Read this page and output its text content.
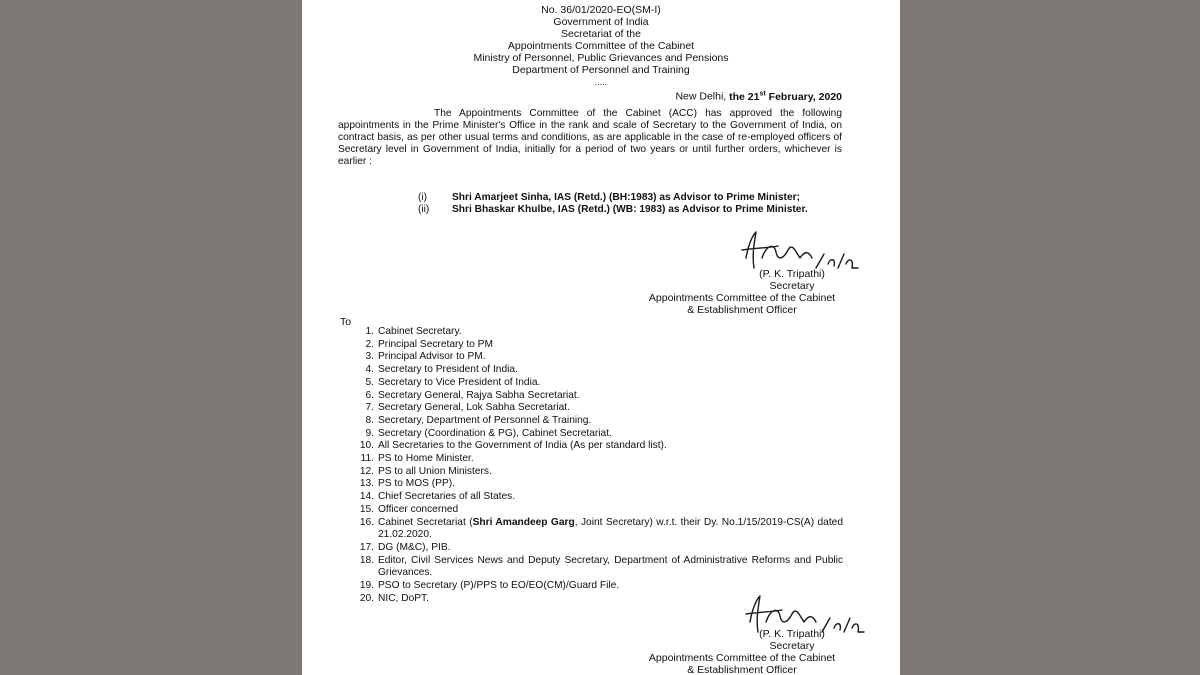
No. 36/01/2020-EO(SM-I)
Government of India
Secretariat of the
Appointments Committee of the Cabinet
Ministry of Personnel, Public Grievances and Pensions
Department of Personnel and Training
.....
New Delhi, the 21st February, 2020
The Appointments Committee of the Cabinet (ACC) has approved the following appointments in the Prime Minister's Office in the rank and scale of Secretary to the Government of India, on contract basis, as per other usual terms and conditions, as are applicable in the case of re-employed officers of Secretary level in Government of India, initially for a period of two years or until further orders, whichever is earlier :
(i) Shri Amarjeet Sinha, IAS (Retd.) (BH:1983) as Advisor to Prime Minister;
(ii) Shri Bhaskar Khulbe, IAS (Retd.) (WB: 1983) as Advisor to Prime Minister.
(P. K. Tripathi)
Secretary
Appointments Committee of the Cabinet
& Establishment Officer
To
1. Cabinet Secretary.
2. Principal Secretary to PM
3. Principal Advisor to PM.
4. Secretary to President of India.
5. Secretary to Vice President of India.
6. Secretary General, Rajya Sabha Secretariat.
7. Secretary General, Lok Sabha Secretariat.
8. Secretary, Department of Personnel & Training.
9. Secretary (Coordination & PG), Cabinet Secretariat.
10. All Secretaries to the Government of India (As per standard list).
11. PS to Home Minister.
12. PS to all Union Ministers.
13. PS to MOS (PP).
14. Chief Secretaries of all States.
15. Officer concerned
16. Cabinet Secretariat (Shri Amandeep Garg, Joint Secretary) w.r.t. their Dy. No.1/15/2019-CS(A) dated 21.02.2020.
17. DG (M&C), PIB.
18. Editor, Civil Services News and Deputy Secretary, Department of Administrative Reforms and Public Grievances.
19. PSO to Secretary (P)/PPS to EO/EO(CM)/Guard File.
20. NIC, DoPT.
(P. K. Tripathi)
Secretary
Appointments Committee of the Cabinet
& Establishment Officer
